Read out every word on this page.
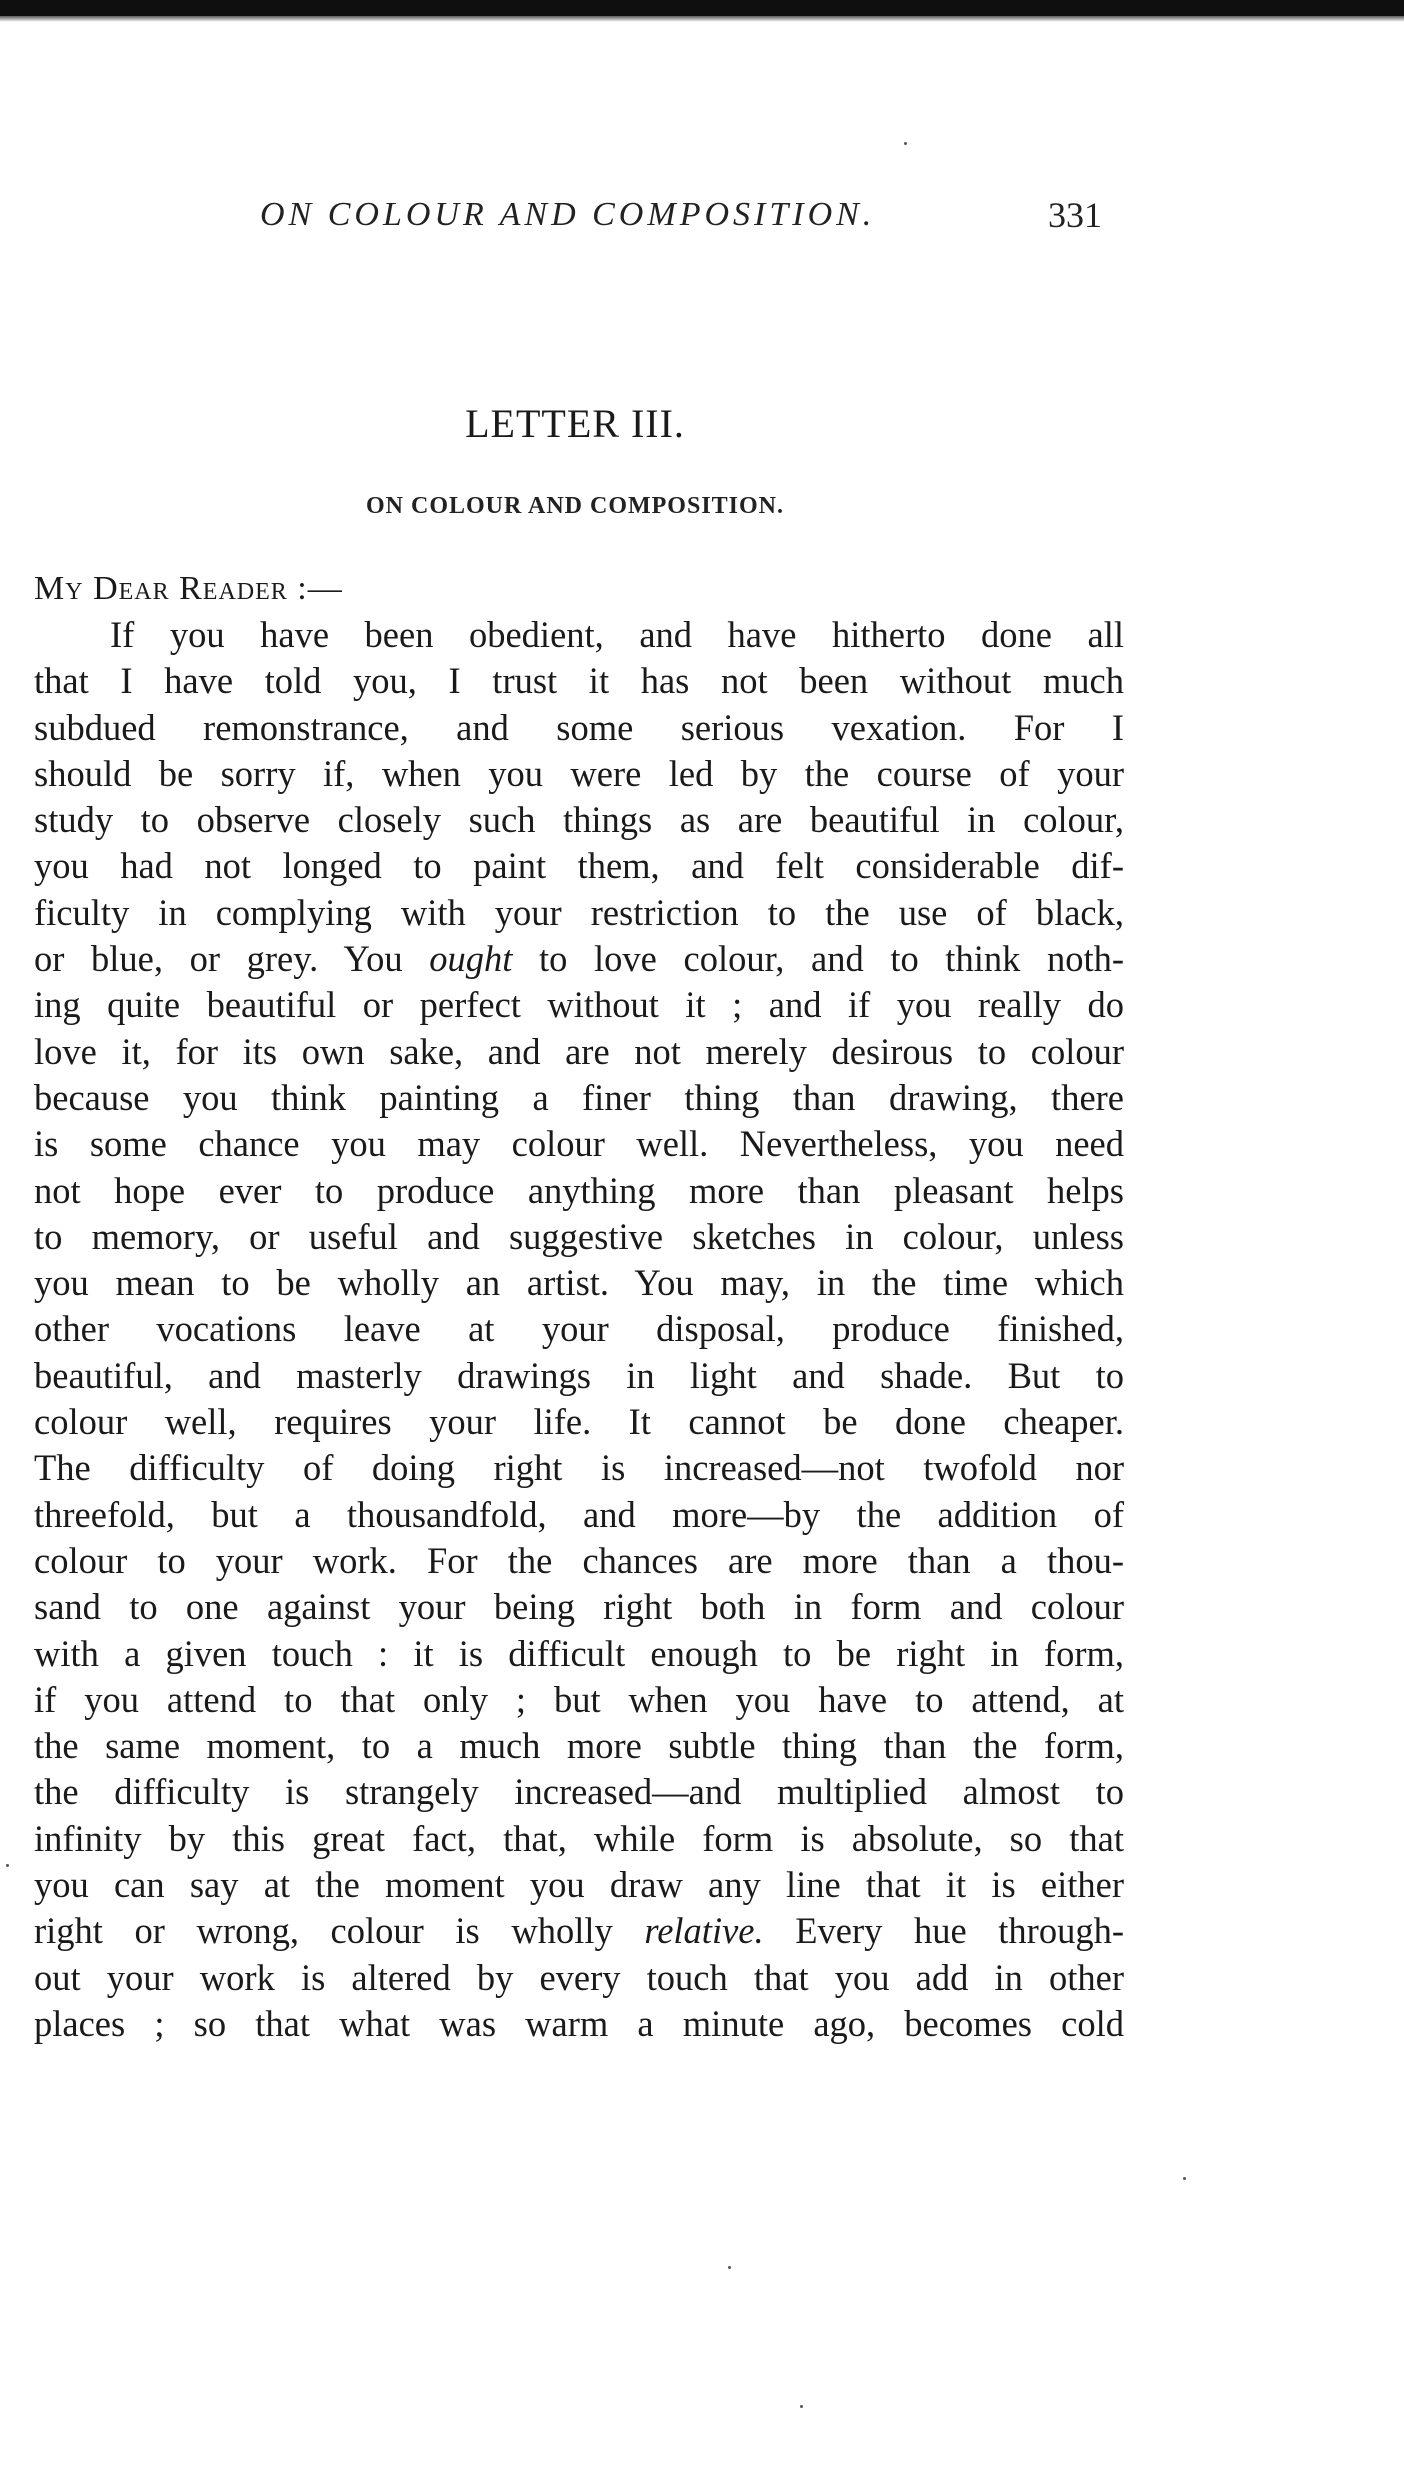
ON COLOUR AND COMPOSITION.	331
LETTER III.
ON COLOUR AND COMPOSITION.
My Dear Reader :—
If you have been obedient, and have hitherto done all
that I have told you, I trust it has not been without much
subdued remonstrance, and some serious vexation. For I
should be sorry if, when you were led by the course of your
study to observe closely such things as are beautiful in colour,
you had not longed to paint them, and felt considerable dif-
ficulty in complying with your restriction to the use of black,
or blue, or grey. You ought to love colour, and to think noth-
ing quite beautiful or perfect without it ; and if you really do
love it, for its own sake, and are not merely desirous to colour
because you think painting a finer thing than drawing, there
is some chance you may colour well. Nevertheless, you need
not hope ever to produce anything more than pleasant helps
to memory, or useful and suggestive sketches in colour, unless
you mean to be wholly an artist. You may, in the time which
other vocations leave at your disposal, produce finished,
beautiful, and masterly drawings in light and shade. But to
colour well, requires your life. It cannot be done cheaper.
The difficulty of doing right is increased—not twofold nor
threefold, but a thousandfold, and more—by the addition of
colour to your work. For the chances are more than a thou-
sand to one against your being right both in form and colour
with a given touch : it is difficult enough to be right in form,
if you attend to that only ; but when you have to attend, at
the same moment, to a much more subtle thing than the form,
the difficulty is strangely increased—and multiplied almost to
infinity by this great fact, that, while form is absolute, so that
you can say at the moment you draw any line that it is either
right or wrong, colour is wholly relative. Every hue through-
out your work is altered by every touch that you add in other
places ; so that what was warm a minute ago, becomes cold
